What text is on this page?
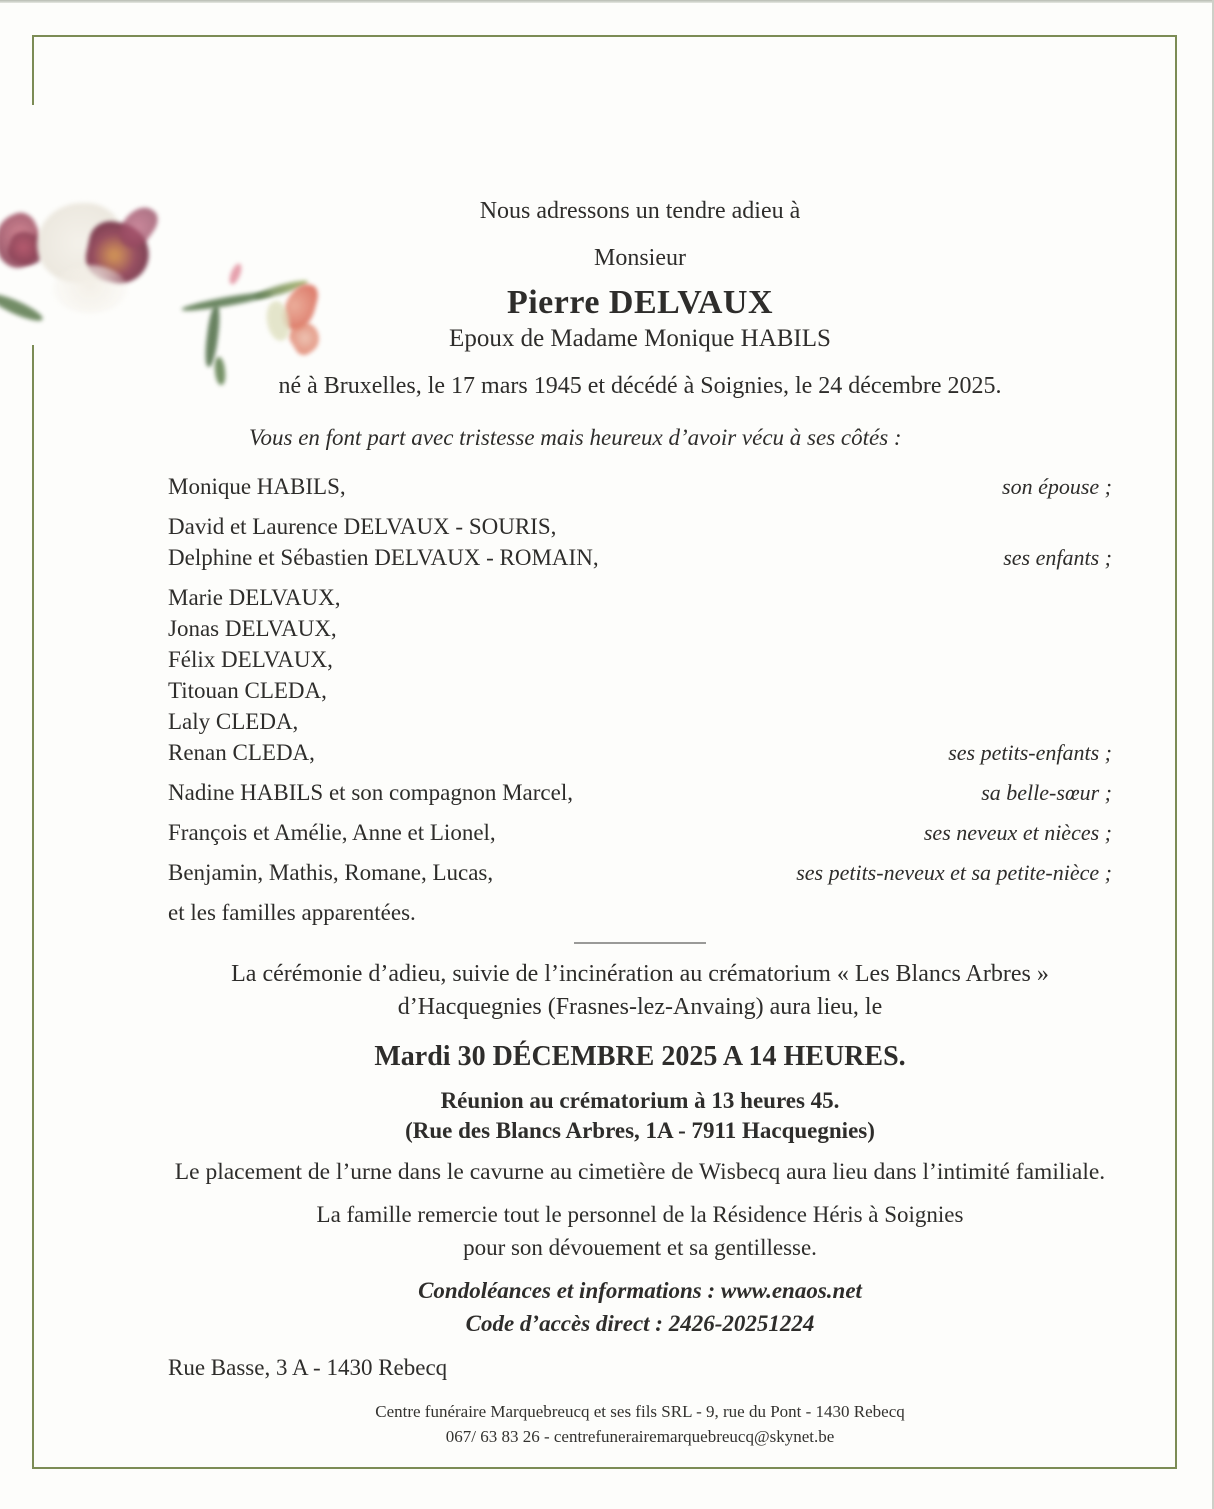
Nous adressons un tendre adieu à
Monsieur
Pierre DELVAUX
Epoux de Madame Monique HABILS
né à Bruxelles, le 17 mars 1945 et décédé à Soignies, le 24 décembre 2025.
Vous en font part avec tristesse mais heureux d’avoir vécu à ses côtés :
Monique HABILS,	son épouse ;
David et Laurence DELVAUX - SOURIS,
Delphine et Sébastien DELVAUX - ROMAIN,	ses enfants ;
Marie DELVAUX,
Jonas DELVAUX,
Félix DELVAUX,
Titouan CLEDA,
Laly CLEDA,
Renan CLEDA,	ses petits-enfants ;
Nadine HABILS et son compagnon Marcel,	sa belle-sœur ;
François et Amélie, Anne et Lionel,	ses neveux et nièces ;
Benjamin, Mathis, Romane, Lucas,	ses petits-neveux et sa petite-nièce ;
et les familles apparentées.
La cérémonie d’adieu, suivie de l’incinération au crématorium « Les Blancs Arbres »
d’Hacquegnies (Frasnes-lez-Anvaing) aura lieu, le
Mardi 30 DÉCEMBRE 2025 A 14 HEURES.
Réunion au crématorium à 13 heures 45.
(Rue des Blancs Arbres, 1A - 7911 Hacquegnies)
Le placement de l’urne dans le cavurne au cimetière de Wisbecq aura lieu dans l’intimité familiale.
La famille remercie tout le personnel de la Résidence Héris à Soignies
pour son dévouement et sa gentillesse.
Condoléances et informations : www.enaos.net
Code d’accès direct : 2426-20251224
Rue Basse, 3 A - 1430 Rebecq
Centre funéraire Marquebreucq et ses fils SRL - 9, rue du Pont - 1430 Rebecq
067/ 63 83 26 - centrefunerairemarquebreucq@skynet.be
